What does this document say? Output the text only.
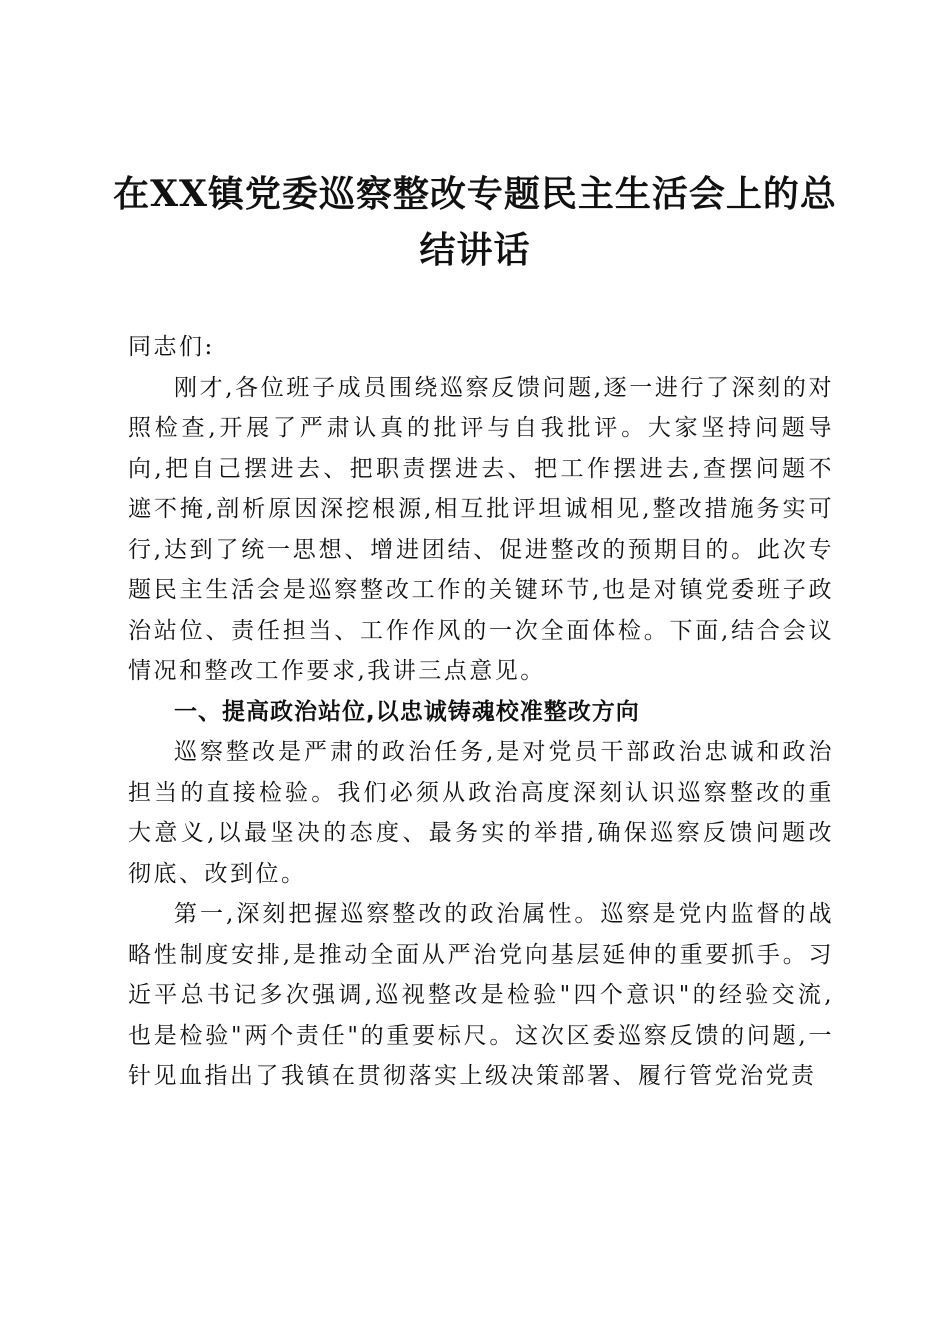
在XX镇党委巡察整改专题民主生活会上的总结讲话

同志们:

刚才,各位班子成员围绕巡察反馈问题,逐一进行了深刻的对照检查,开展了严肃认真的批评与自我批评。大家坚持问题导向,把自己摆进去、把职责摆进去、把工作摆进去,查摆问题不遮不掩,剖析原因深挖根源,相互批评坦诚相见,整改措施务实可行,达到了统一思想、增进团结、促进整改的预期目的。此次专题民主生活会是巡察整改工作的关键环节,也是对镇党委班子政治站位、责任担当、工作作风的一次全面体检。下面,结合会议情况和整改工作要求,我讲三点意见。

一、提高政治站位,以忠诚铸魂校准整改方向

巡察整改是严肃的政治任务,是对党员干部政治忠诚和政治担当的直接检验。我们必须从政治高度深刻认识巡察整改的重大意义,以最坚决的态度、最务实的举措,确保巡察反馈问题改彻底、改到位。

第一,深刻把握巡察整改的政治属性。巡察是党内监督的战略性制度安排,是推动全面从严治党向基层延伸的重要抓手。习近平总书记多次强调,巡视整改是检验"四个意识"的经验交流,也是检验"两个责任"的重要标尺。这次区委巡察反馈的问题,一针见血指出了我镇在贯彻落实上级决策部署、履行管党治党责
